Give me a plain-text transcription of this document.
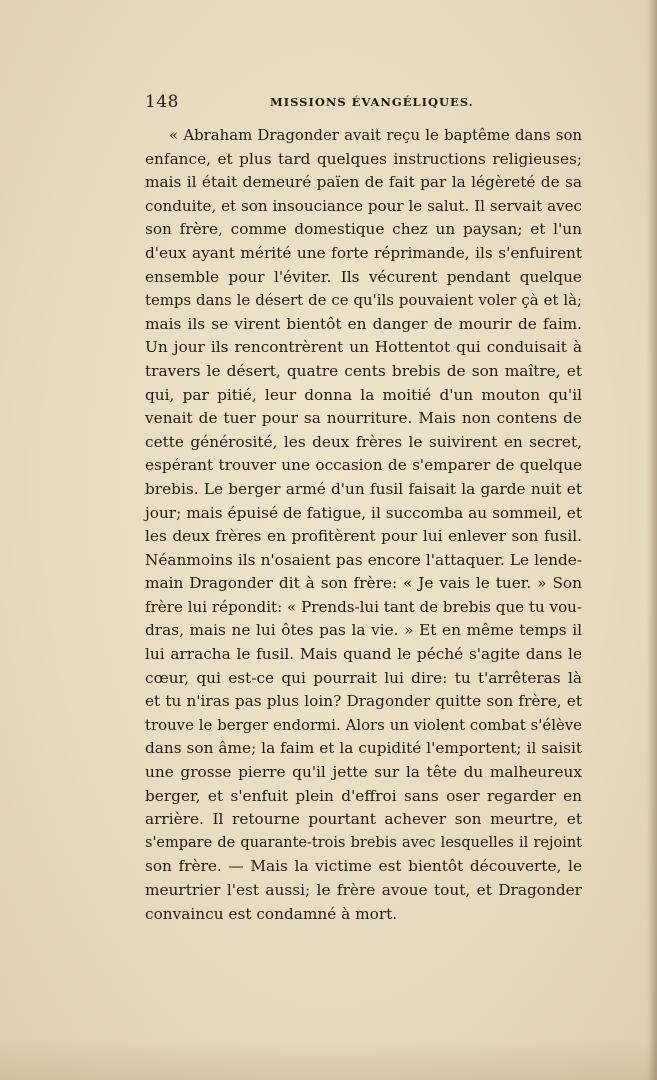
148	MISSIONS ÉVANGÉLIQUES.
« Abraham Dragonder avait reçu le baptême dans son
enfance, et plus tard quelques instructions religieuses;
mais il était demeuré païen de fait par la légèreté de sa
conduite, et son insouciance pour le salut. Il servait avec
son frère, comme domestique chez un paysan; et l'un
d'eux ayant mérité une forte réprimande, ils s'enfuirent
ensemble pour l'éviter. Ils vécurent pendant quelque
temps dans le désert de ce qu'ils pouvaient voler çà et là;
mais ils se virent bientôt en danger de mourir de faim.
Un jour ils rencontrèrent un Hottentot qui conduisait à
travers le désert, quatre cents brebis de son maître, et
qui, par pitié, leur donna la moitié d'un mouton qu'il
venait de tuer pour sa nourriture. Mais non contens de
cette générosité, les deux frères le suivirent en secret,
espérant trouver une occasion de s'emparer de quelque
brebis. Le berger armé d'un fusil faisait la garde nuit et
jour; mais épuisé de fatigue, il succomba au sommeil, et
les deux frères en profitèrent pour lui enlever son fusil.
Néanmoins ils n'osaient pas encore l'attaquer. Le lende-
main Dragonder dit à son frère: « Je vais le tuer. » Son
frère lui répondit: « Prends-lui tant de brebis que tu vou-
dras, mais ne lui ôtes pas la vie. » Et en même temps il
lui arracha le fusil. Mais quand le péché s'agite dans le
cœur, qui est-ce qui pourrait lui dire: tu t'arrêteras là
et tu n'iras pas plus loin? Dragonder quitte son frère, et
trouve le berger endormi. Alors un violent combat s'élève
dans son âme; la faim et la cupidité l'emportent; il saisit
une grosse pierre qu'il jette sur la tête du malheureux
berger, et s'enfuit plein d'effroi sans oser regarder en
arrière. Il retourne pourtant achever son meurtre, et
s'empare de quarante-trois brebis avec lesquelles il rejoint
son frère. — Mais la victime est bientôt découverte, le
meurtrier l'est aussi; le frère avoue tout, et Dragonder
convaincu est condamné à mort.
